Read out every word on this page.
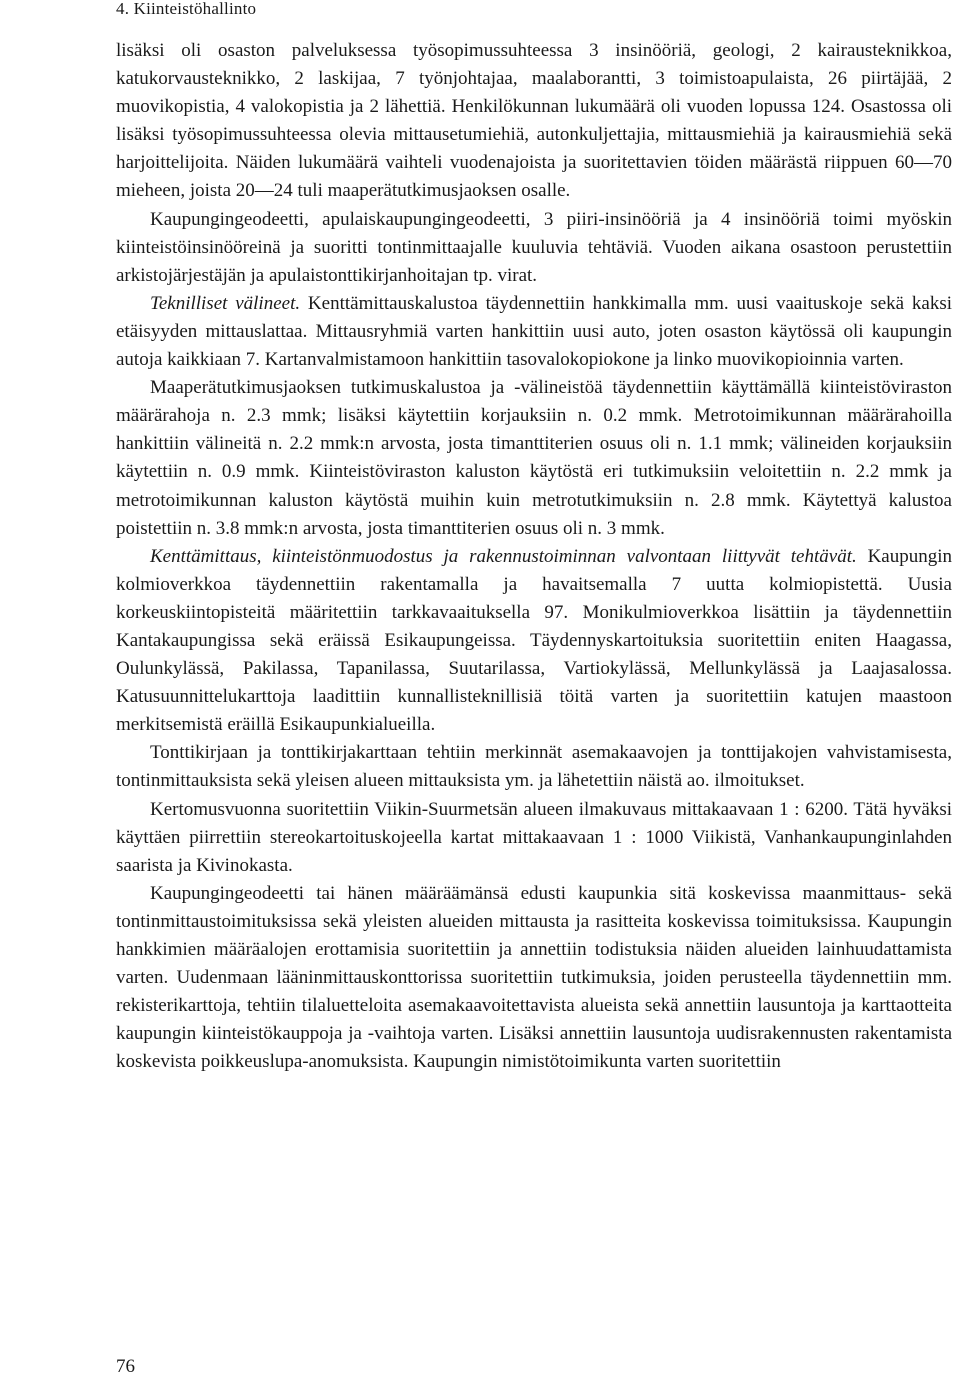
4. Kiinteistöhallinto

lisäksi oli osaston palveluksessa työsopimussuhteessa 3 insinööriä, geologi, 2 kairausteknikkoa, katukorvausteknikko, 2 laskijaa, 7 työnjohtajaa, maalaborantti, 3 toimistoapulaista, 26 piirtäjää, 2 muovikopistia, 4 valokopistia ja 2 lähettiä. Henkilökunnan lukumäärä oli vuoden lopussa 124. Osastossa oli lisäksi työsopimussuhteessa olevia mittausetumiehiä, autonkuljettajia, mittausmiehiä ja kairausmiehiä sekä harjoittelijoita. Näiden lukumäärä vaihteli vuodenajoista ja suoritettavien töiden määrästä riippuen 60—70 mieheen, joista 20—24 tuli maaperätutkimusjaoksen osalle.

Kaupungingeodeetti, apulaiskaupungingeodeetti, 3 piiri-insinööriä ja 4 insinööriä toimi myöskin kiinteistöinsinööreinä ja suoritti tontinmittaajalle kuuluvia tehtäviä. Vuoden aikana osastoon perustettiin arkistojärjestäjän ja apulaistonttikirjanhoitajan tp. virat.

Teknilliset välineet. Kenttämittauskalustoa täydennettiin hankkimalla mm. uusi vaaituskoje sekä kaksi etäisyyden mittauslattaa. Mittausryhmiä varten hankittiin uusi auto, joten osaston käytössä oli kaupungin autoja kaikkiaan 7. Kartanvalmistamoon hankittiin tasovalokopiokone ja linko muovikopioinnia varten.

Maaperätutkimusjaoksen tutkimuskalustoa ja -välineistöä täydennettiin käyttämällä kiinteistöviraston määrärahoja n. 2.3 mmk; lisäksi käytettiin korjauksiin n. 0.2 mmk. Metrotoimikunnan määrärahoilla hankittiin välineitä n. 2.2 mmk:n arvosta, josta timanttiterien osuus oli n. 1.1 mmk; välineiden korjauksiin käytettiin n. 0.9 mmk. Kiinteistöviraston kaluston käytöstä eri tutkimuksiin veloitettiin n. 2.2 mmk ja metrotoimikunnan kaluston käytöstä muihin kuin metrotutkimuksiin n. 2.8 mmk. Käytettyä kalustoa poistettiin n. 3.8 mmk:n arvosta, josta timanttiterien osuus oli n. 3 mmk.

Kenttämittaus, kiinteistönmuodostus ja rakennustoiminnan valvontaan liittyvät tehtävät. Kaupungin kolmioverkkoa täydennettiin rakentamalla ja havaitsemalla 7 uutta kolmiopistettä. Uusia korkeuskiintopisteitä määritettiin tarkkavaaituksella 97. Monikulmioverkkoa lisättiin ja täydennettiin Kantakaupungissa sekä eräissä Esikaupungeissa. Täydennyskartoituksia suoritettiin eniten Haagassa, Oulunkylässä, Pakilassa, Tapanilassa, Suutarilassa, Vartiokylässä, Mellunkylässä ja Laajasalossa. Katusuunnittelukarttoja laadittiin kunnallisteknillisiä töitä varten ja suoritettiin katujen maastoon merkitsemistä eräillä Esikaupunkialueilla.

Tonttikirjaan ja tonttikirjakarttaan tehtiin merkinnät asemakaavojen ja tonttijakojen vahvistamisesta, tontinmittauksista sekä yleisen alueen mittauksista ym. ja lähetettiin näistä ao. ilmoitukset.

Kertomusvuonna suoritettiin Viikin-Suurmetsän alueen ilmakuvaus mittakaavaan 1 : 6200. Tätä hyväksi käyttäen piirrettiin stereokartoituskojeella kartat mittakaavaan 1 : 1000 Viikistä, Vanhankaupunginlahden saarista ja Kivinokasta.

Kaupungingeodeetti tai hänen määräämänsä edusti kaupunkia sitä koskevissa maanmittaus- sekä tontinmittaustoimituksissa sekä yleisten alueiden mittausta ja rasitteita koskevissa toimituksissa. Kaupungin hankkimien määräalojen erottamisia suoritettiin ja annettiin todistuksia näiden alueiden lainhuudattamista varten. Uudenmaan lääninmittauskonttorissa suoritettiin tutkimuksia, joiden perusteella täydennettiin mm. rekisterikarttoja, tehtiin tilaluetteloita asemakaavoitettavista alueista sekä annettiin lausuntoja ja karttaotteita kaupungin kiinteistökauppoja ja -vaihtoja varten. Lisäksi annettiin lausuntoja uudisrakennusten rakentamista koskevista poikkeuslupa-anomuksista. Kaupungin nimistötoimikunta varten suoritettiin

76
